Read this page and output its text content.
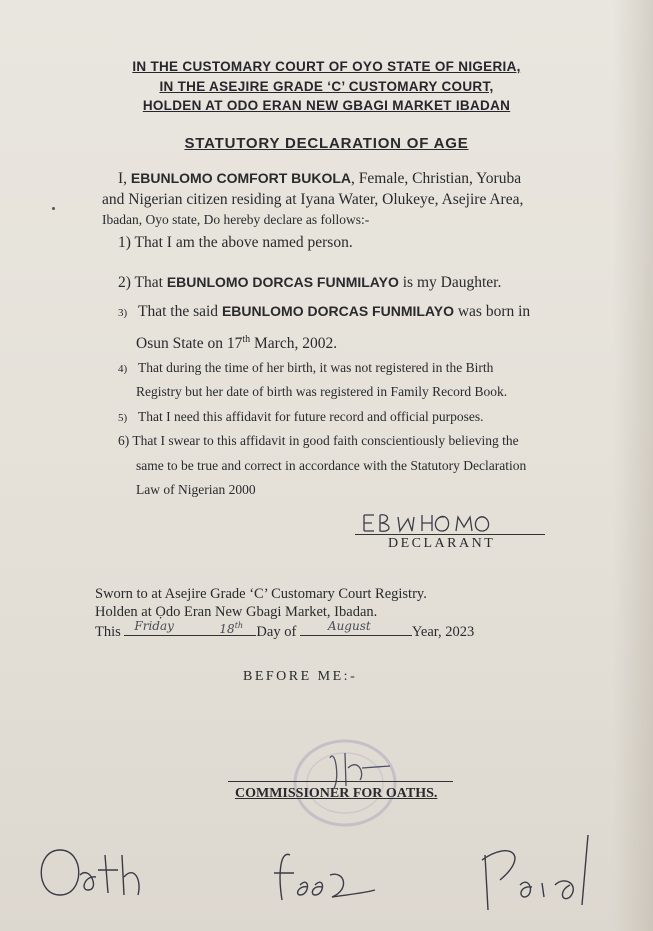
IN THE CUSTOMARY COURT OF OYO STATE OF NIGERIA,
IN THE ASEJIRE GRADE ‘C’ CUSTOMARY COURT,
HOLDEN AT ODO ERAN NEW GBAGI MARKET IBADAN
STATUTORY DECLARATION OF AGE
I, EBUNLOMO COMFORT BUKOLA, Female, Christian, Yoruba
and Nigerian citizen residing at Iyana Water, Olukeye, Asejire Area,
Ibadan, Oyo state, Do hereby declare as follows:-
1) That I am the above named person.
2) That EBUNLOMO DORCAS FUNMILAYO is my Daughter.
3) That the said EBUNLOMO DORCAS FUNMILAYO was born in
Osun State on 17th March, 2002.
4) That during the time of her birth, it was not registered in the Birth
Registry but her date of birth was registered in Family Record Book.
5) That I need this affidavit for future record and official purposes.
6) That I swear to this affidavit in good faith conscientiously believing the
same to be true and correct in accordance with the Statutory Declaration
Law of Nigerian 2000
DECLARANT
Sworn to at Asejire Grade ‘C’ Customary Court Registry.
Holden at Ọdo Eran New Gbagi Market, Ibadan.
This Friday	18th Day of	August	Year, 2023
BEFORE ME:-
COMMISSIONER FOR OATHS.
